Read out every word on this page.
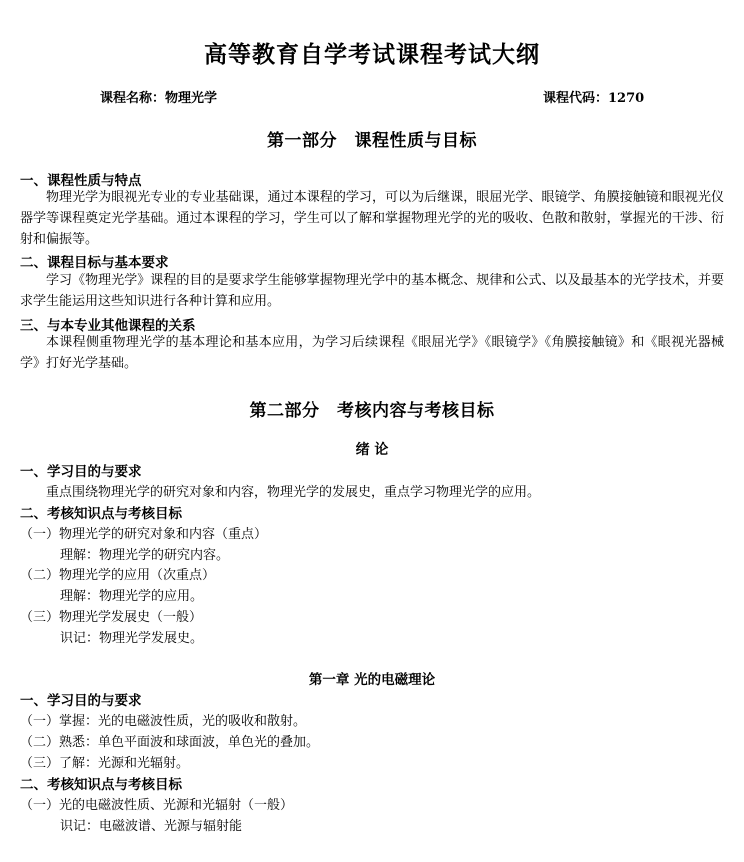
高等教育自学考试课程考试大纲
课程名称：物理光学	课程代码：1270
第一部分　课程性质与目标
一、课程性质与特点
物理光学为眼视光专业的专业基础课，通过本课程的学习，可以为后继课，眼屈光学、眼镜学、角膜接触镜和眼视光仪器学等课程奠定光学基础。通过本课程的学习，学生可以了解和掌握物理光学的光的吸收、色散和散射，掌握光的干涉、衍射和偏振等。
二、课程目标与基本要求
学习《物理光学》课程的目的是要求学生能够掌握物理光学中的基本概念、规律和公式、以及最基本的光学技术，并要求学生能运用这些知识进行各种计算和应用。
三、与本专业其他课程的关系
本课程侧重物理光学的基本理论和基本应用，为学习后续课程《眼屈光学》《眼镜学》《角膜接触镜》和《眼视光器械学》打好光学基础。
第二部分　考核内容与考核目标
绪 论
一、学习目的与要求
重点围绕物理光学的研究对象和内容，物理光学的发展史，重点学习物理光学的应用。
二、考核知识点与考核目标
（一）物理光学的研究对象和内容（重点）
理解：物理光学的研究内容。
（二）物理光学的应用（次重点）
理解：物理光学的应用。
（三）物理光学发展史（一般）
识记：物理光学发展史。
第一章 光的电磁理论
一、学习目的与要求
（一）掌握：光的电磁波性质，光的吸收和散射。
（二）熟悉：单色平面波和球面波，单色光的叠加。
（三）了解：光源和光辐射。
二、考核知识点与考核目标
（一）光的电磁波性质、光源和光辐射（一般）
识记：电磁波谱、光源与辐射能
